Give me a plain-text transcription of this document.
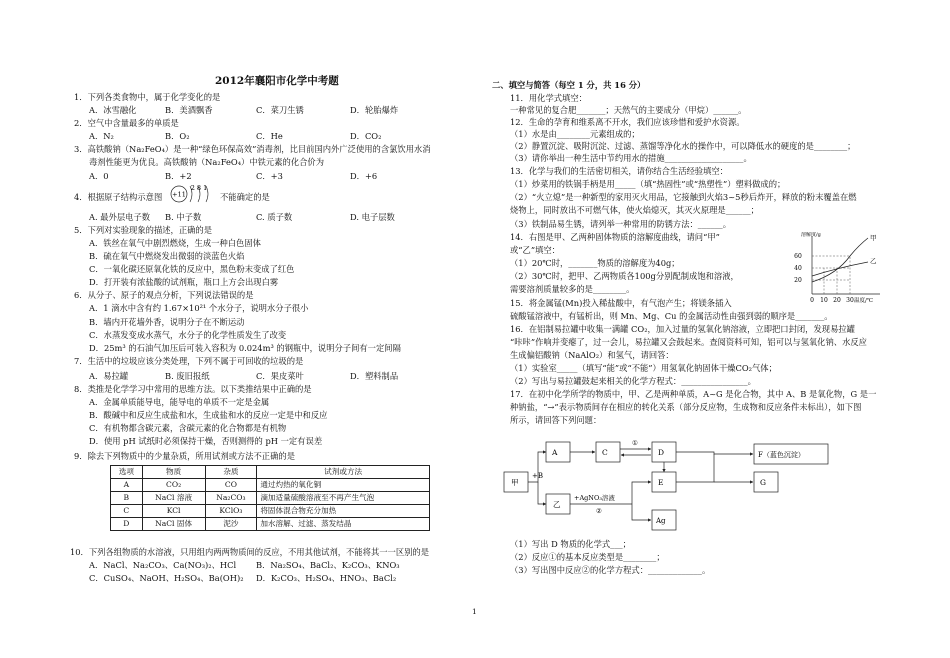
2012年襄阳市化学中考题
1．下列各类食物中，属于化学变化的是
A．冰雪融化	B．美酒飘香	C．菜刀生锈	D．轮胎爆炸
2．空气中含量最多的单质是
A．N₂	B．O₂	C．He	D．CO₂
3．高铁酸钠（Na₂FeO₄）是一种“绿色环保高效”消毒剂，比目前国内外广泛使用的含氯饮用水消
毒剂性能更为优良。高铁酸钠（Na₂FeO₄）中铁元素的化合价为
A．0	B．+2	C．+3	D．+6
4．根据原子结构示意图	不能确定的是
A. 最外层电子数 B. 中子数	C. 质子数	D. 电子层数
5．下列对实验现象的描述，正确的是
A．铁丝在氧气中剧烈燃烧，生成一种白色固体
B．硫在氧气中燃烧发出微弱的淡蓝色火焰
C．一氧化碳还原氧化铁的反应中，黑色粉末变成了红色
D．打开装有浓盐酸的试剂瓶，瓶口上方会出现白雾
6．从分子、原子的观点分析，下列说法错误的是
A．1 滴水中含有约 1.67×10²¹ 个水分子，说明水分子很小
B．墙内开花墙外香，说明分子在不断运动
C．水蒸发变成水蒸气，水分子的化学性质发生了改变
D．25m³ 的石油气加压后可装入容积为 0.024m³ 的钢瓶中，说明分子间有一定间隔
7．生活中的垃圾应该分类处理，下列不属于可回收的垃圾的是
A．易拉罐	B. 废旧报纸	C．果皮菜叶	D．塑料制品
8．类推是化学学习中常用的思维方法。以下类推结果中正确的是
A．金属单质能导电，能导电的单质不一定是金属
B．酸碱中和反应生成盐和水，生成盐和水的反应一定是中和反应
C．有机物都含碳元素，含碳元素的化合物都是有机物
D．使用 pH 试纸时必须保持干燥，否则测得的 pH 一定有误差
9．除去下列物质中的少量杂质，所用试剂或方法不正确的是
10．下列各组物质的水溶液，只用组内两两物质间的反应，不用其他试剂，不能将其一一区别的是
A．NaCl、Na₂CO₃、Ca(NO₃)₂、HCl B．Na₂SO₄、BaCl₂、K₂CO₃、KNO₃
C．CuSO₄、NaOH、H₂SO₄、Ba(OH)₂ D．K₂CO₃、H₂SO₄、HNO₃、BaCl₂
+11
2 8 1
选项	物质	杂质	试剂或方法
A	CO₂	CO	通过灼热的氧化铜
B	NaCl 溶液	Na₂CO₃	滴加适量硫酸溶液至不再产生气泡
C	KCl	KClO₃	将固体混合物充分加热
D	NaCl 固体	泥沙	加水溶解、过滤、蒸发结晶
二、填空与简答（每空 1 分，共 16 分）
11．用化学式填空：
一种常见的复合肥_______；天然气的主要成分（甲烷）______。
12．生命的孕育和维系离不开水，我们应该珍惜和爱护水资源。
（1）水是由________元素组成的；
（2）静置沉淀、吸附沉淀、过滤、蒸馏等净化水的操作中，可以降低水的硬度的是________；
（3）请你举出一种生活中节约用水的措施___________________。
13．化学与我们的生活密切相关，请你结合生活经验填空：
（1）炒菜用的铁锅手柄是用_____（填“热固性”或“热塑性”）塑料做成的；
（2）“火立熄”是一种新型的家用灭火用品，它接触到火焰3~5秒后炸开，释放的粉末覆盖在燃
烧物上，同时放出不可燃气体，使火焰熄灭，其灭火原理是______；
（3）铁制品易生锈，请列举一种常用的防锈方法：______。
14．右图是甲、乙两种固体物质的溶解度曲线，请问“甲”
或“乙”填空：
（1）20℃时，_______物质的溶解度为40g；
（2）30℃时，把甲、乙两物质各100g分别配制成饱和溶液，
需要溶剂质量较多的是________。
15．将金属锰(Mn)投入稀盐酸中，有气泡产生；将镁条插入
硫酸锰溶液中，有锰析出，则 Mn、Mg、Cu 的金属活动性由强到弱的顺序是_______。
16．在铝制易拉罐中收集一满罐 CO₂，加入过量的氢氧化钠溶液，立即把口封闭，发现易拉罐
“咔咔”作响并变瘪了，过一会儿，易拉罐又会鼓起来。查阅资料可知，铝可以与氢氧化钠、水反应
生成偏铝酸钠（NaAlO₂）和氢气，请回答：
（1）实验室_____（填写“能”或“不能”）用氢氧化钠固体干燥CO₂气体；
（2）写出与易拉罐鼓起来相关的化学方程式：________________。
17．在初中化学所学的物质中，甲、乙是两种单质，A~G 是化合物，其中 A、B 是氧化物，G 是一
种钠盐，“→”表示物质间存在相应的转化关系（部分反应物，生成物和反应条件未标出），如下图
所示，请回答下列问题：
（1）写出 D 物质的化学式___；
（2）反应①的基本反应类型是________；
（3）写出图中反应②的化学方程式：_____________。
甲
乙
60
40
20
0 10 20 30 温度/℃
溶解度/g
甲
A	C	D
乙
E
Ag
F（蓝色沉淀）
G
+B
①
+AgNO₃溶液
②
1
